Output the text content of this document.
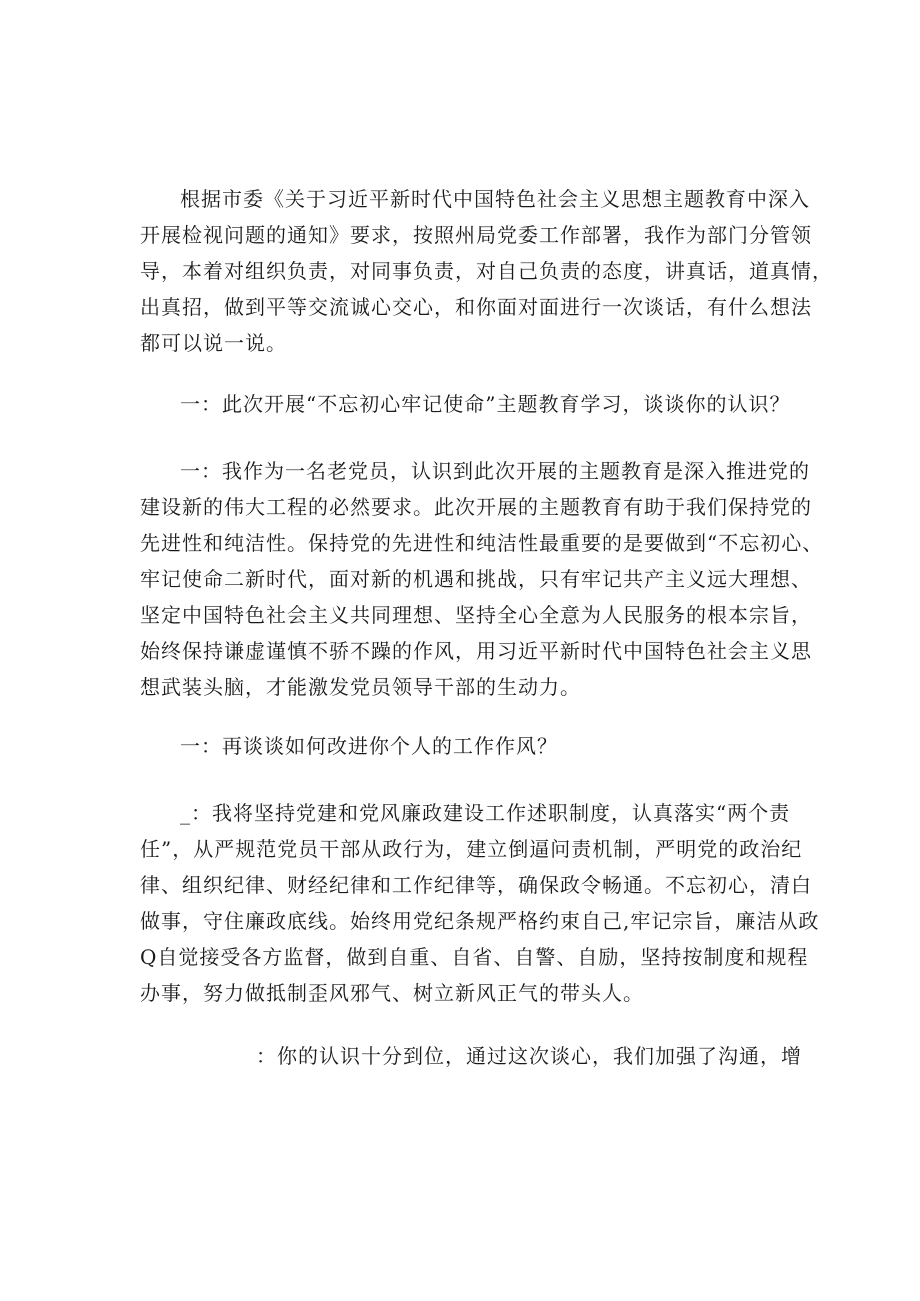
根据市委《关于习近平新时代中国特色社会主义思想主题教育中深入
开展检视问题的通知》要求，按照州局党委工作部署，我作为部门分管领
导，本着对组织负责，对同事负责，对自己负责的态度，讲真话，道真情，
出真招，做到平等交流诚心交心，和你面对面进行一次谈话，有什么想法
都可以说一说。
一：此次开展“不忘初心牢记使命”主题教育学习，谈谈你的认识？
一：我作为一名老党员，认识到此次开展的主题教育是深入推进党的
建设新的伟大工程的必然要求。此次开展的主题教育有助于我们保持党的
先进性和纯洁性。保持党的先进性和纯洁性最重要的是要做到“不忘初心、
牢记使命二新时代，面对新的机遇和挑战，只有牢记共产主义远大理想、
坚定中国特色社会主义共同理想、坚持全心全意为人民服务的根本宗旨，
始终保持谦虚谨慎不骄不躁的作风，用习近平新时代中国特色社会主义思
想武装头脑，才能激发党员领导干部的生动力。
一：再谈谈如何改进你个人的工作作风？
_：我将坚持党建和党风廉政建设工作述职制度，认真落实“两个责
任”，从严规范党员干部从政行为，建立倒逼问责机制，严明党的政治纪
律、组织纪律、财经纪律和工作纪律等，确保政令畅通。不忘初心，清白
做事，守住廉政底线。始终用党纪条规严格约束自己,牢记宗旨，廉洁从政
Q自觉接受各方监督，做到自重、自省、自警、自励，坚持按制度和规程
办事，努力做抵制歪风邪气、树立新风正气的带头人。
：你的认识十分到位，通过这次谈心，我们加强了沟通，增
